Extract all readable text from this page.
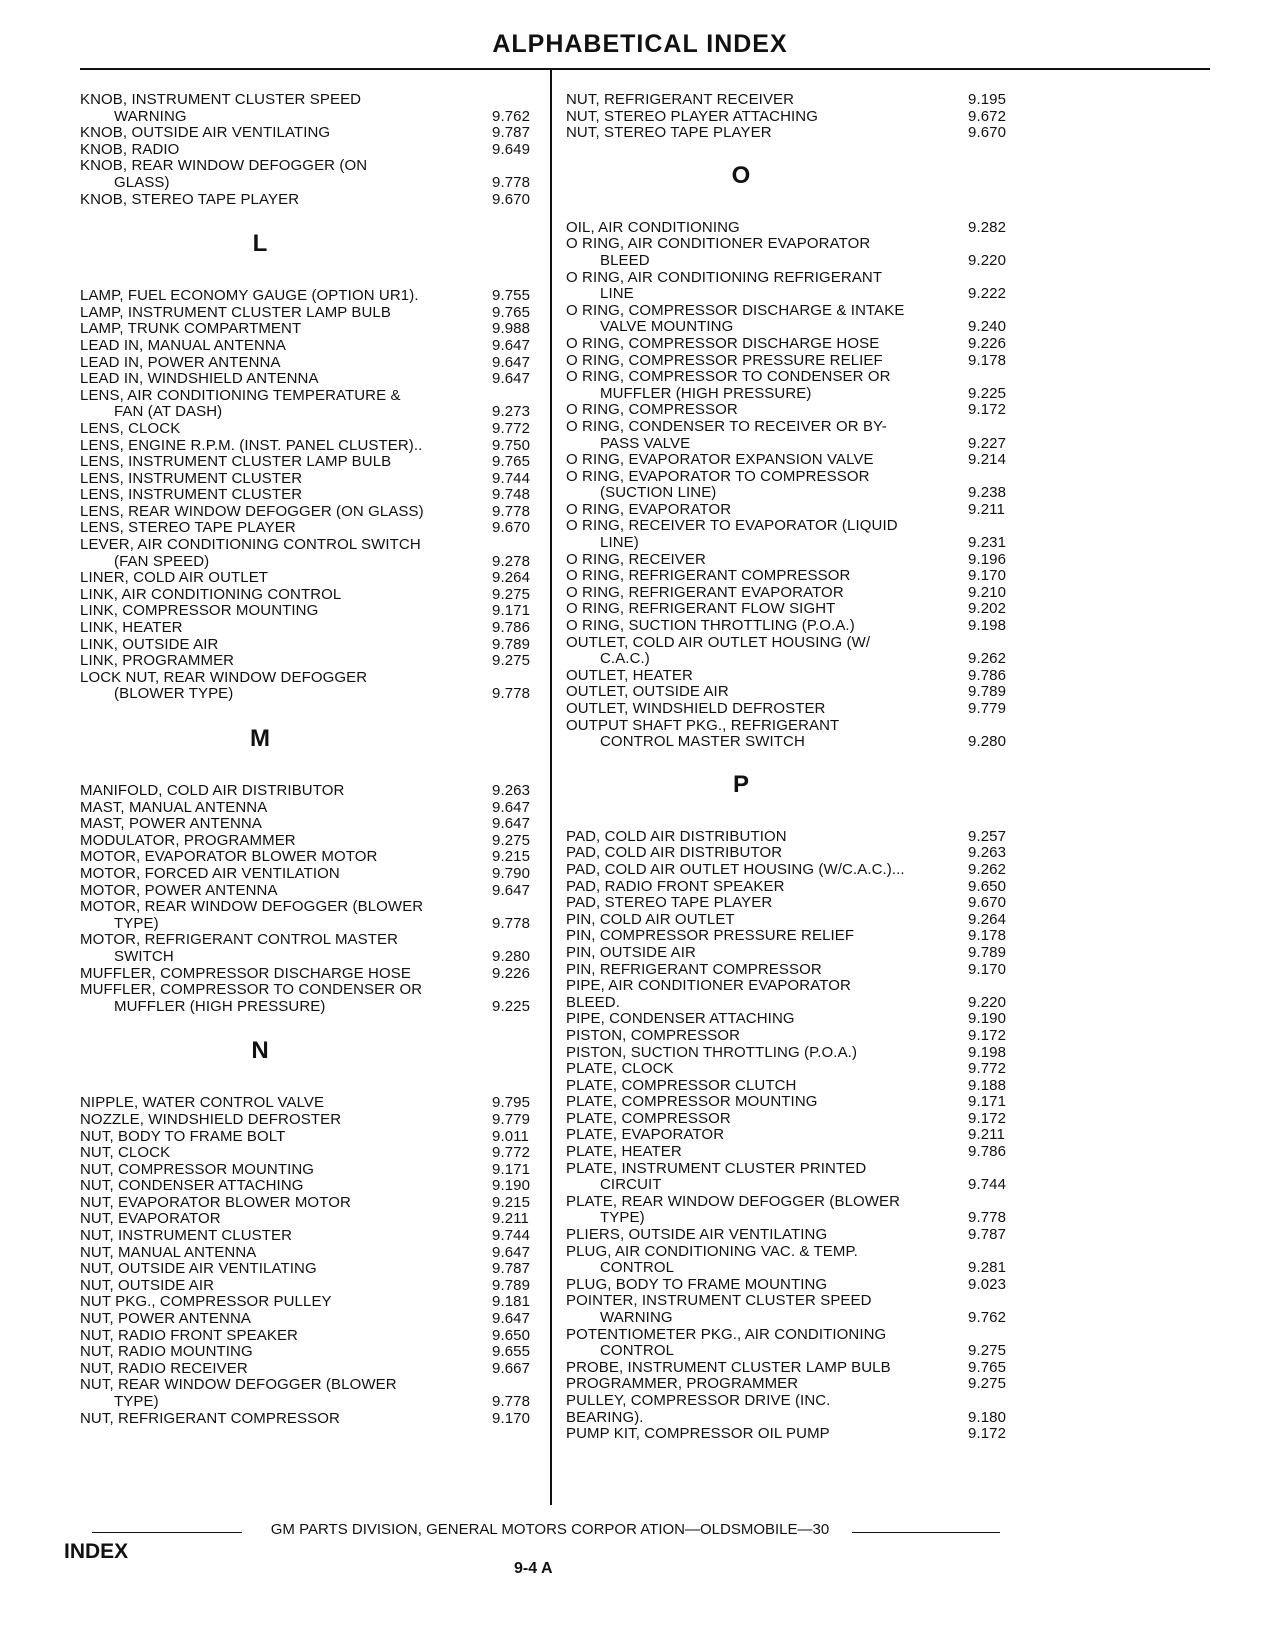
ALPHABETICAL INDEX
KNOB, INSTRUMENT CLUSTER SPEED
WARNING	9.762
KNOB, OUTSIDE AIR VENTILATING	9.787
KNOB, RADIO	9.649
KNOB, REAR WINDOW DEFOGGER (ON
GLASS)	9.778
KNOB, STEREO TAPE PLAYER	9.670
L
LAMP, FUEL ECONOMY GAUGE (OPTION UR1).	9.755
LAMP, INSTRUMENT CLUSTER LAMP BULB	9.765
LAMP, TRUNK COMPARTMENT	9.988
LEAD IN, MANUAL ANTENNA	9.647
LEAD IN, POWER ANTENNA	9.647
LEAD IN, WINDSHIELD ANTENNA	9.647
LENS, AIR CONDITIONING TEMPERATURE &
FAN (AT DASH)	9.273
LENS, CLOCK	9.772
LENS, ENGINE R.P.M. (INST. PANEL CLUSTER)..	9.750
LENS, INSTRUMENT CLUSTER LAMP BULB	9.765
LENS, INSTRUMENT CLUSTER	9.744
LENS, INSTRUMENT CLUSTER	9.748
LENS, REAR WINDOW DEFOGGER (ON GLASS)	9.778
LENS, STEREO TAPE PLAYER	9.670
LEVER, AIR CONDITIONING CONTROL SWITCH
(FAN SPEED)	9.278
LINER, COLD AIR OUTLET	9.264
LINK, AIR CONDITIONING CONTROL	9.275
LINK, COMPRESSOR MOUNTING	9.171
LINK, HEATER	9.786
LINK, OUTSIDE AIR	9.789
LINK, PROGRAMMER	9.275
LOCK NUT, REAR WINDOW DEFOGGER
(BLOWER TYPE)	9.778
M
MANIFOLD, COLD AIR DISTRIBUTOR	9.263
MAST, MANUAL ANTENNA	9.647
MAST, POWER ANTENNA	9.647
MODULATOR, PROGRAMMER	9.275
MOTOR, EVAPORATOR BLOWER MOTOR	9.215
MOTOR, FORCED AIR VENTILATION	9.790
MOTOR, POWER ANTENNA	9.647
MOTOR, REAR WINDOW DEFOGGER (BLOWER
TYPE)	9.778
MOTOR, REFRIGERANT CONTROL MASTER
SWITCH	9.280
MUFFLER, COMPRESSOR DISCHARGE HOSE	9.226
MUFFLER, COMPRESSOR TO CONDENSER OR
MUFFLER (HIGH PRESSURE)	9.225
N
NIPPLE, WATER CONTROL VALVE	9.795
NOZZLE, WINDSHIELD DEFROSTER	9.779
NUT, BODY TO FRAME BOLT	9.011
NUT, CLOCK	9.772
NUT, COMPRESSOR MOUNTING	9.171
NUT, CONDENSER ATTACHING	9.190
NUT, EVAPORATOR BLOWER MOTOR	9.215
NUT, EVAPORATOR	9.211
NUT, INSTRUMENT CLUSTER	9.744
NUT, MANUAL ANTENNA	9.647
NUT, OUTSIDE AIR VENTILATING	9.787
NUT, OUTSIDE AIR	9.789
NUT PKG., COMPRESSOR PULLEY	9.181
NUT, POWER ANTENNA	9.647
NUT, RADIO FRONT SPEAKER	9.650
NUT, RADIO MOUNTING	9.655
NUT, RADIO RECEIVER	9.667
NUT, REAR WINDOW DEFOGGER (BLOWER
TYPE)	9.778
NUT, REFRIGERANT COMPRESSOR	9.170
NUT, REFRIGERANT RECEIVER	9.195
NUT, STEREO PLAYER ATTACHING	9.672
NUT, STEREO TAPE PLAYER	9.670
O
OIL, AIR CONDITIONING	9.282
O RING, AIR CONDITIONER EVAPORATOR
BLEED	9.220
O RING, AIR CONDITIONING REFRIGERANT
LINE	9.222
O RING, COMPRESSOR DISCHARGE & INTAKE
VALVE MOUNTING	9.240
O RING, COMPRESSOR DISCHARGE HOSE	9.226
O RING, COMPRESSOR PRESSURE RELIEF	9.178
O RING, COMPRESSOR TO CONDENSER OR
MUFFLER (HIGH PRESSURE)	9.225
O RING, COMPRESSOR	9.172
O RING, CONDENSER TO RECEIVER OR BY-
PASS VALVE	9.227
O RING, EVAPORATOR EXPANSION VALVE	9.214
O RING, EVAPORATOR TO COMPRESSOR
(SUCTION LINE)	9.238
O RING, EVAPORATOR	9.211
O RING, RECEIVER TO EVAPORATOR (LIQUID
LINE)	9.231
O RING, RECEIVER	9.196
O RING, REFRIGERANT COMPRESSOR	9.170
O RING, REFRIGERANT EVAPORATOR	9.210
O RING, REFRIGERANT FLOW SIGHT	9.202
O RING, SUCTION THROTTLING (P.O.A.)	9.198
OUTLET, COLD AIR OUTLET HOUSING (W/
C.A.C.)	9.262
OUTLET, HEATER	9.786
OUTLET, OUTSIDE AIR	9.789
OUTLET, WINDSHIELD DEFROSTER	9.779
OUTPUT SHAFT PKG., REFRIGERANT
CONTROL MASTER SWITCH	9.280
P
PAD, COLD AIR DISTRIBUTION	9.257
PAD, COLD AIR DISTRIBUTOR	9.263
PAD, COLD AIR OUTLET HOUSING (W/C.A.C.)...	9.262
PAD, RADIO FRONT SPEAKER	9.650
PAD, STEREO TAPE PLAYER	9.670
PIN, COLD AIR OUTLET	9.264
PIN, COMPRESSOR PRESSURE RELIEF	9.178
PIN, OUTSIDE AIR	9.789
PIN, REFRIGERANT COMPRESSOR	9.170
PIPE, AIR CONDITIONER EVAPORATOR BLEED.	9.220
PIPE, CONDENSER ATTACHING	9.190
PISTON, COMPRESSOR	9.172
PISTON, SUCTION THROTTLING (P.O.A.)	9.198
PLATE, CLOCK	9.772
PLATE, COMPRESSOR CLUTCH	9.188
PLATE, COMPRESSOR MOUNTING	9.171
PLATE, COMPRESSOR	9.172
PLATE, EVAPORATOR	9.211
PLATE, HEATER	9.786
PLATE, INSTRUMENT CLUSTER PRINTED
CIRCUIT	9.744
PLATE, REAR WINDOW DEFOGGER (BLOWER
TYPE)	9.778
PLIERS, OUTSIDE AIR VENTILATING	9.787
PLUG, AIR CONDITIONING VAC. & TEMP.
CONTROL	9.281
PLUG, BODY TO FRAME MOUNTING	9.023
POINTER, INSTRUMENT CLUSTER SPEED
WARNING	9.762
POTENTIOMETER PKG., AIR CONDITIONING
CONTROL	9.275
PROBE, INSTRUMENT CLUSTER LAMP BULB	9.765
PROGRAMMER, PROGRAMMER	9.275
PULLEY, COMPRESSOR DRIVE (INC. BEARING).	9.180
PUMP KIT, COMPRESSOR OIL PUMP	9.172
GM PARTS DIVISION, GENERAL MOTORS CORPOR ATION—OLDSMOBILE—30
INDEX
9-4 A
